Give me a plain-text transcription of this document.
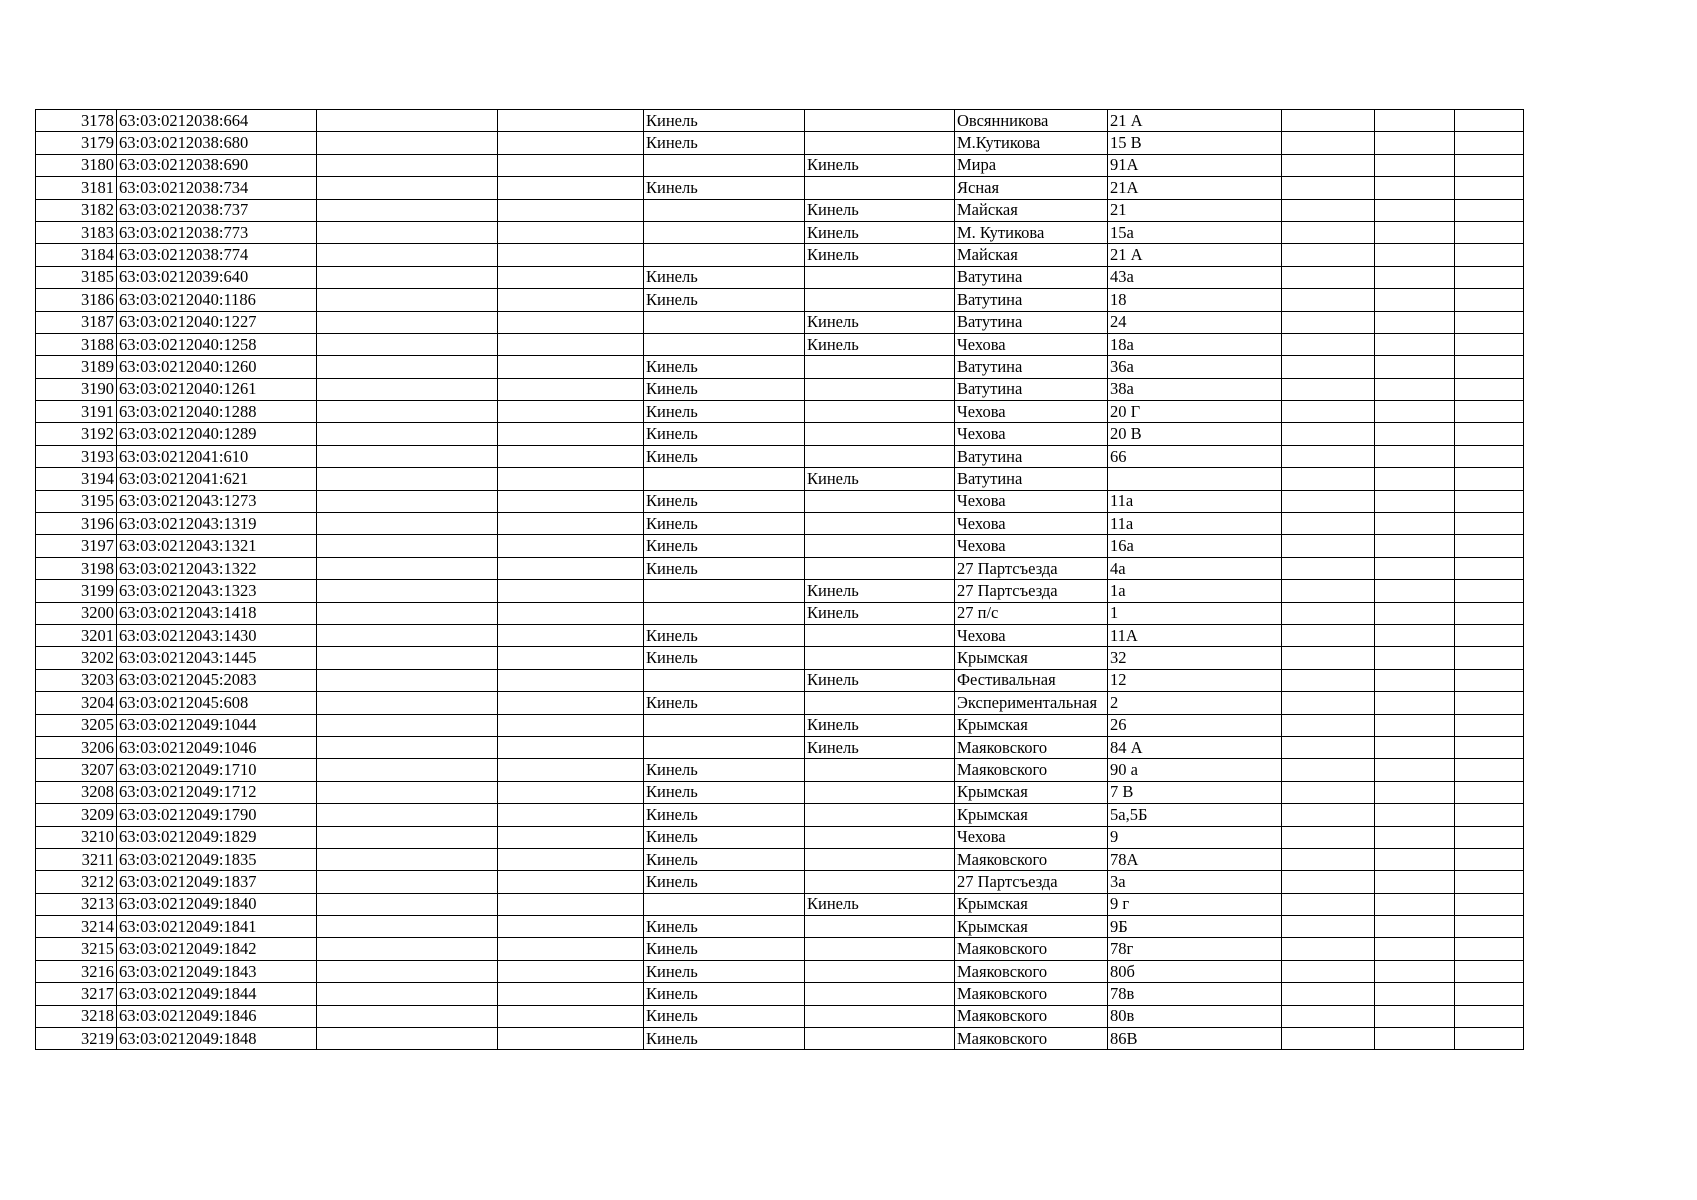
3178	63:03:0212038:664			Кинель		Овсянникова	21 А			
3179	63:03:0212038:680			Кинель		М.Кутикова	15 В			
3180	63:03:0212038:690				Кинель	Мира	91А			
3181	63:03:0212038:734			Кинель		Ясная	21А			
3182	63:03:0212038:737				Кинель	Майская	21			
3183	63:03:0212038:773				Кинель	М. Кутикова	15а			
3184	63:03:0212038:774				Кинель	Майская	21 А			
3185	63:03:0212039:640			Кинель		Ватутина	43а			
3186	63:03:0212040:1186			Кинель		Ватутина	18			
3187	63:03:0212040:1227				Кинель	Ватутина	24			
3188	63:03:0212040:1258				Кинель	Чехова	18а			
3189	63:03:0212040:1260			Кинель		Ватутина	36а			
3190	63:03:0212040:1261			Кинель		Ватутина	38а			
3191	63:03:0212040:1288			Кинель		Чехова	20 Г			
3192	63:03:0212040:1289			Кинель		Чехова	20 В			
3193	63:03:0212041:610			Кинель		Ватутина	66			
3194	63:03:0212041:621				Кинель	Ватутина				
3195	63:03:0212043:1273			Кинель		Чехова	11а			
3196	63:03:0212043:1319			Кинель		Чехова	11а			
3197	63:03:0212043:1321			Кинель		Чехова	16а			
3198	63:03:0212043:1322			Кинель		27 Партсъезда	4а			
3199	63:03:0212043:1323				Кинель	27 Партсъезда	1а			
3200	63:03:0212043:1418				Кинель	27 п/с	1			
3201	63:03:0212043:1430			Кинель		Чехова	11А			
3202	63:03:0212043:1445			Кинель		Крымская	32			
3203	63:03:0212045:2083				Кинель	Фестивальная	12			
3204	63:03:0212045:608			Кинель		Экспериментальная	2			
3205	63:03:0212049:1044				Кинель	Крымская	26			
3206	63:03:0212049:1046				Кинель	Маяковского	84 А			
3207	63:03:0212049:1710			Кинель		Маяковского	90 а			
3208	63:03:0212049:1712			Кинель		Крымская	7 В			
3209	63:03:0212049:1790			Кинель		Крымская	5а,5Б			
3210	63:03:0212049:1829			Кинель		Чехова	9			
3211	63:03:0212049:1835			Кинель		Маяковского	78А			
3212	63:03:0212049:1837			Кинель		27 Партсъезда	3а			
3213	63:03:0212049:1840				Кинель	Крымская	9 г			
3214	63:03:0212049:1841			Кинель		Крымская	9Б			
3215	63:03:0212049:1842			Кинель		Маяковского	78г			
3216	63:03:0212049:1843			Кинель		Маяковского	80б			
3217	63:03:0212049:1844			Кинель		Маяковского	78в			
3218	63:03:0212049:1846			Кинель		Маяковского	80в			
3219	63:03:0212049:1848			Кинель		Маяковского	86В			
